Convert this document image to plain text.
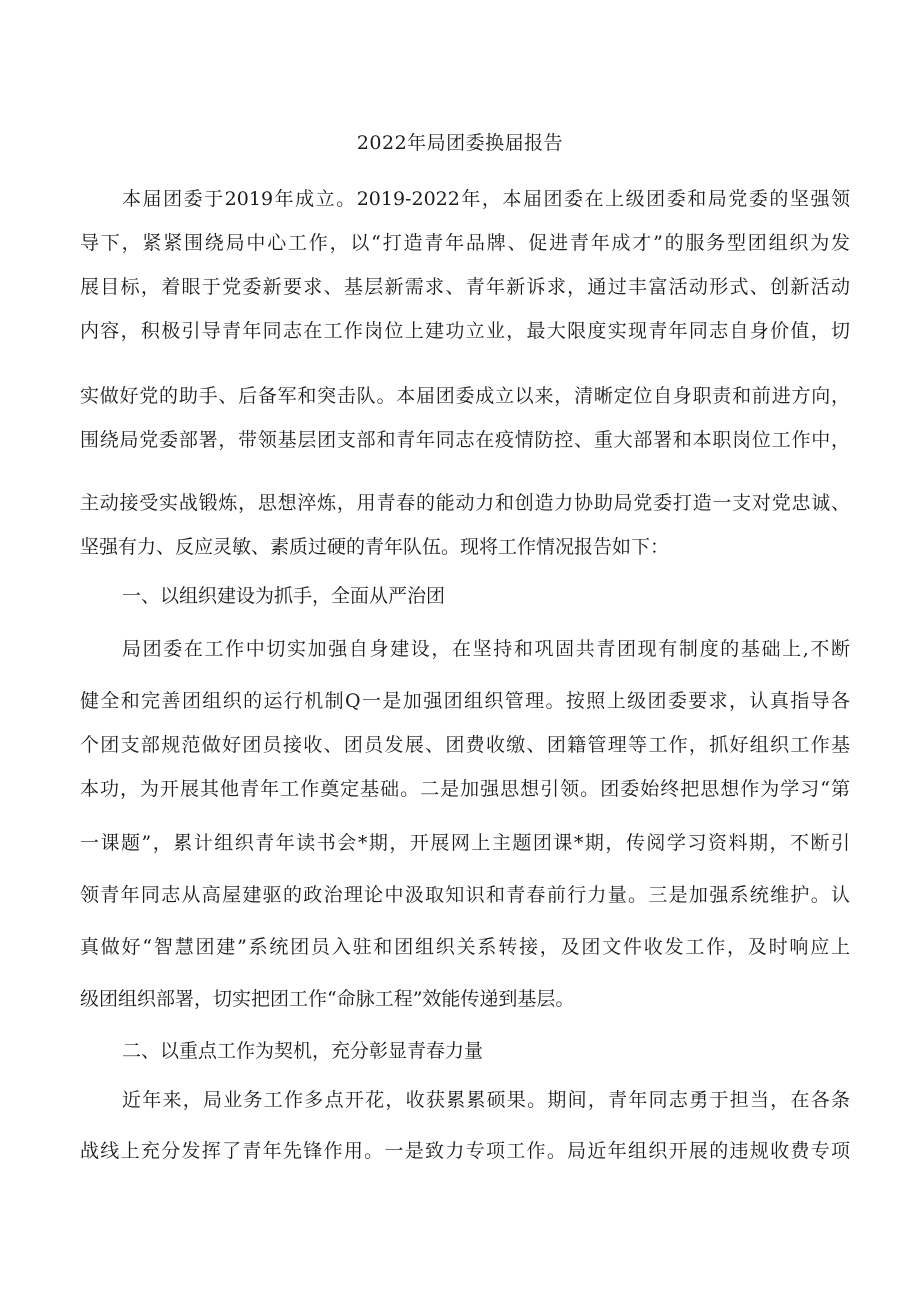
2022年局团委换届报告

本届团委于2019年成立。2019-2022年，本届团委在上级团委和局党委的坚强领

导下，紧紧围绕局中心工作，以“打造青年品牌、促进青年成才”的服务型团组织为发

展目标，着眼于党委新要求、基层新需求、青年新诉求，通过丰富活动形式、创新活动

内容，积极引导青年同志在工作岗位上建功立业，最大限度实现青年同志自身价值，切

实做好党的助手、后备军和突击队。本届团委成立以来，清晰定位自身职责和前进方向，

围绕局党委部署，带领基层团支部和青年同志在疫情防控、重大部署和本职岗位工作中，

主动接受实战锻炼，思想淬炼，用青春的能动力和创造力协助局党委打造一支对党忠诚、

坚强有力、反应灵敏、素质过硬的青年队伍。现将工作情况报告如下：

一、以组织建设为抓手，全面从严治团

局团委在工作中切实加强自身建设，在坚持和巩固共青团现有制度的基础上,不断

健全和完善团组织的运行机制Q一是加强团组织管理。按照上级团委要求，认真指导各

个团支部规范做好团员接收、团员发展、团费收缴、团籍管理等工作，抓好组织工作基

本功，为开展其他青年工作奠定基础。二是加强思想引领。团委始终把思想作为学习“第

一课题”，累计组织青年读书会*期，开展网上主题团课*期，传阅学习资料期，不断引

领青年同志从高屋建驱的政治理论中汲取知识和青春前行力量。三是加强系统维护。认

真做好“智慧团建”系统团员入驻和团组织关系转接，及团文件收发工作，及时响应上

级团组织部署，切实把团工作“命脉工程”效能传递到基层。

二、以重点工作为契机，充分彰显青春力量

近年来，局业务工作多点开花，收获累累硕果。期间，青年同志勇于担当，在各条

战线上充分发挥了青年先锋作用。一是致力专项工作。局近年组织开展的违规收费专项
